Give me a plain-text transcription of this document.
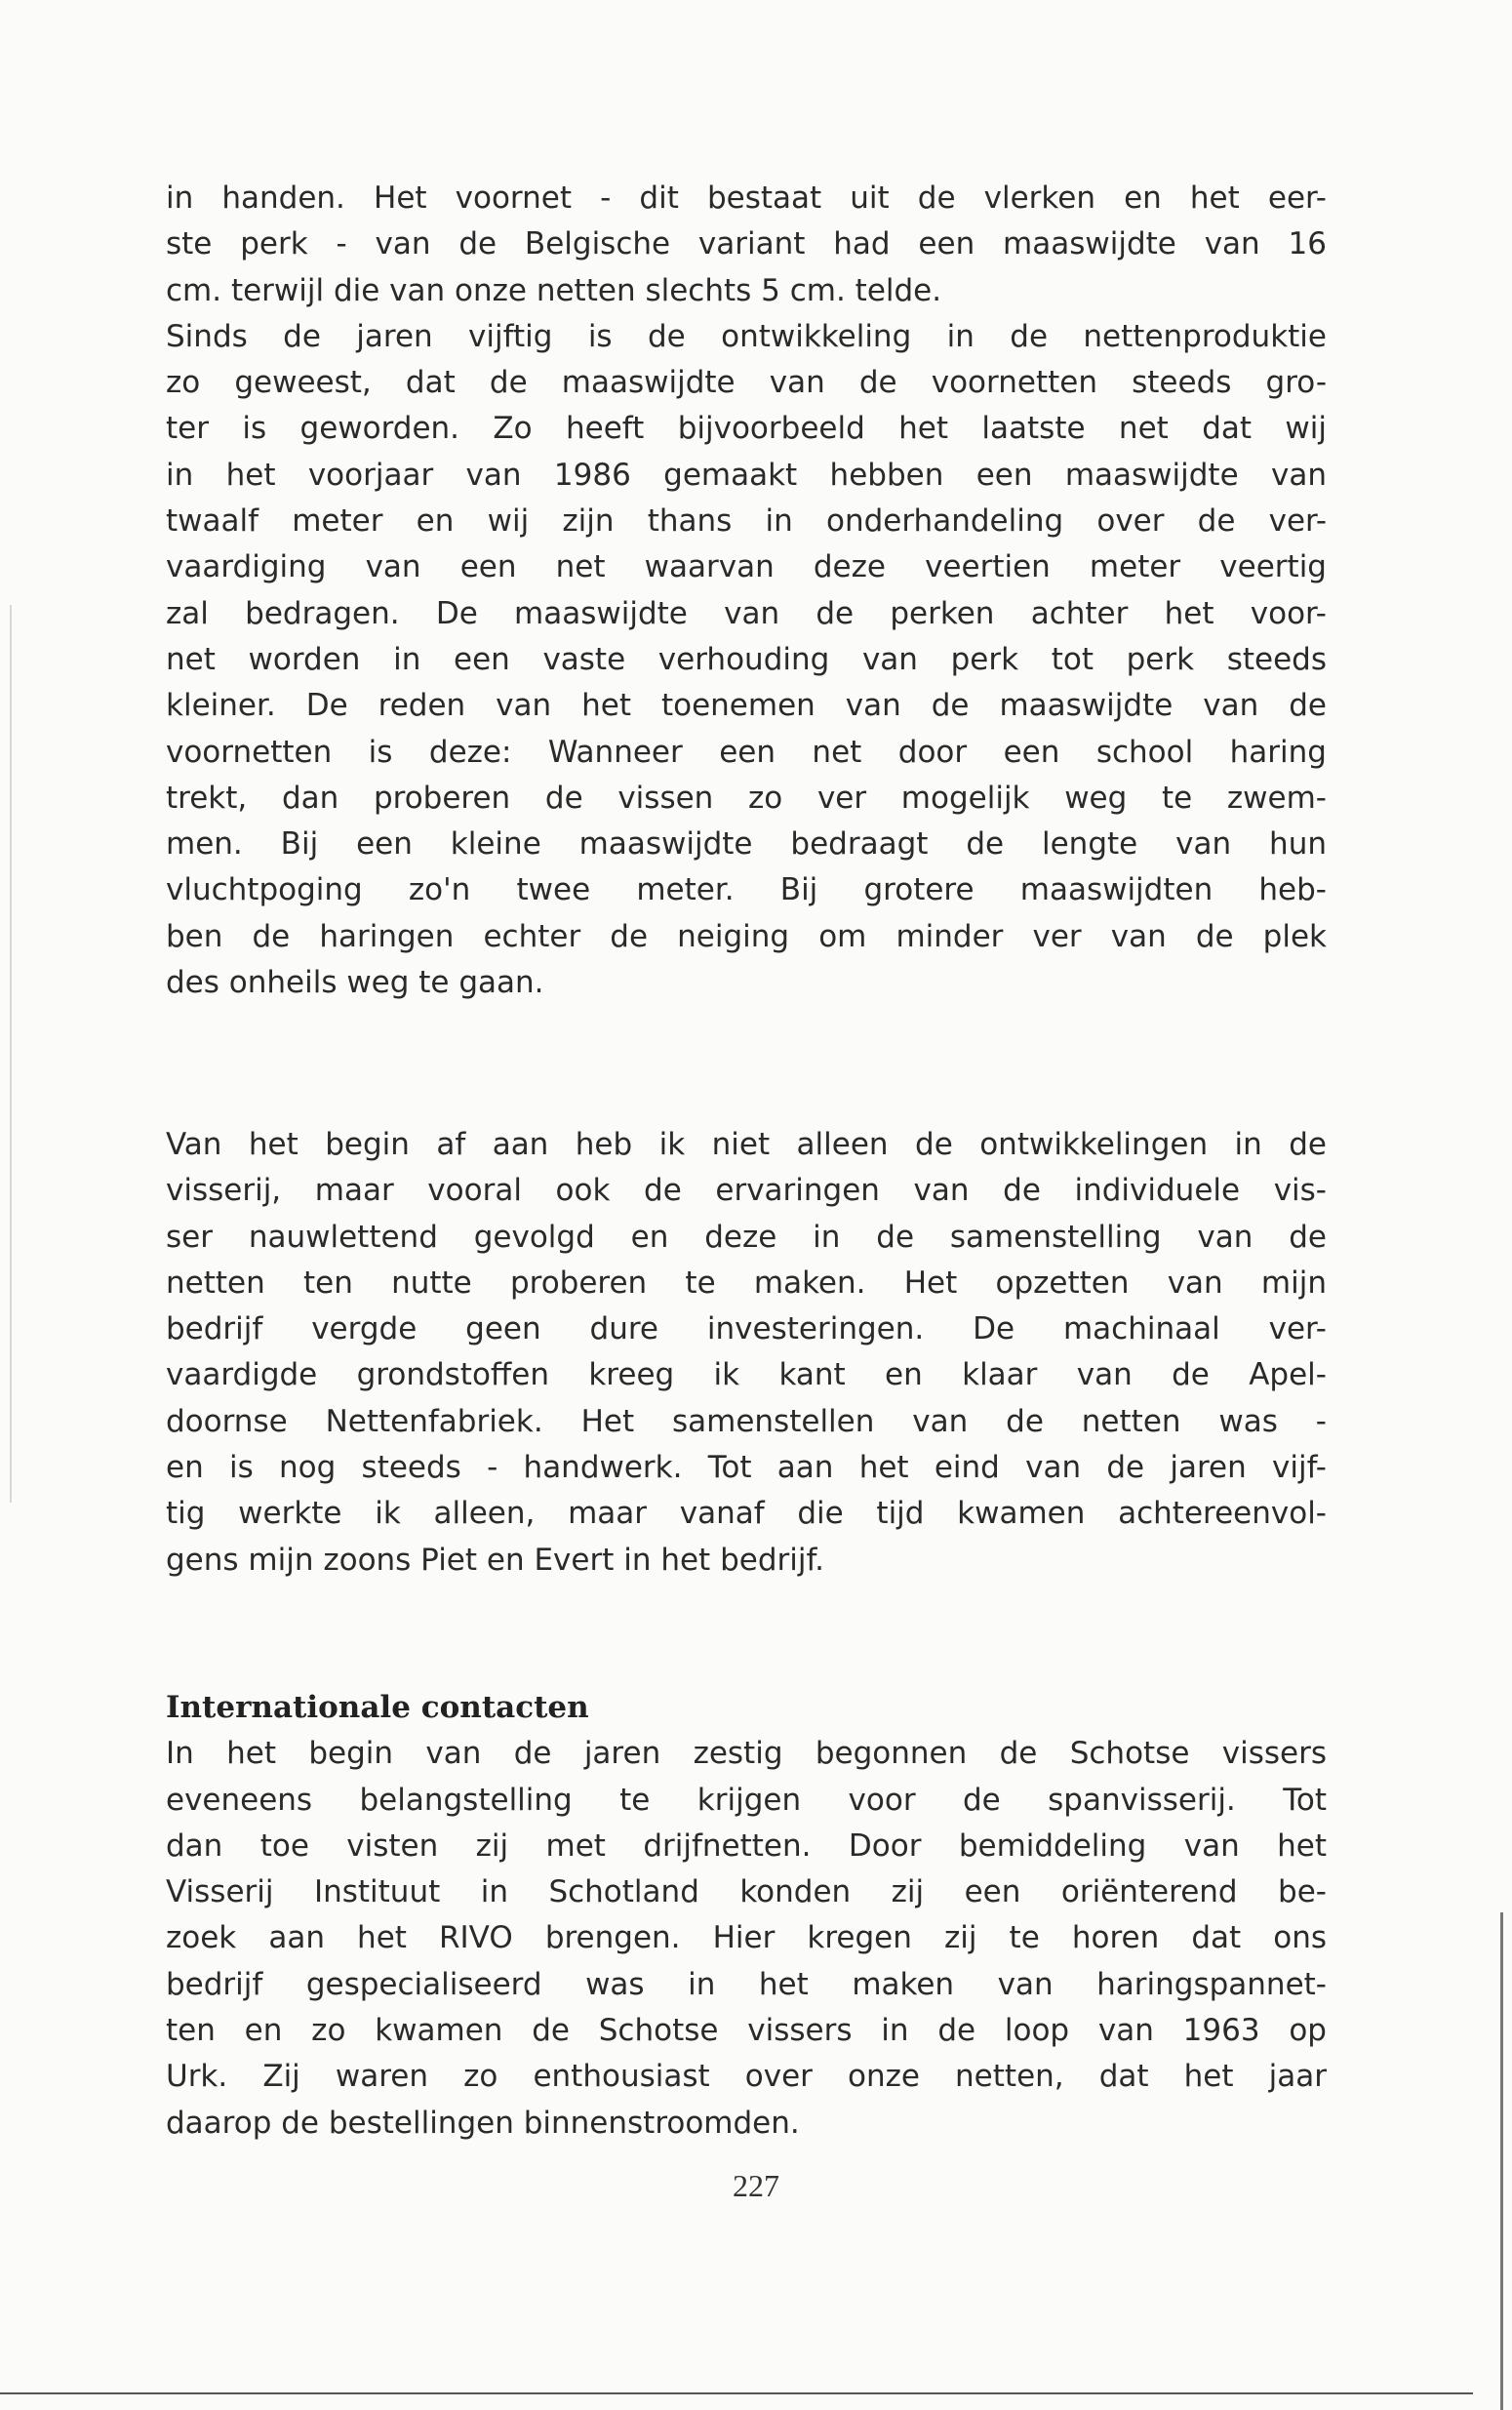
in handen. Het voornet - dit bestaat uit de vlerken en het eer-
ste perk - van de Belgische variant had een maaswijdte van 16
cm. terwijl die van onze netten slechts 5 cm. telde.
Sinds de jaren vijftig is de ontwikkeling in de nettenproduktie
zo geweest, dat de maaswijdte van de voornetten steeds gro-
ter is geworden. Zo heeft bijvoorbeeld het laatste net dat wij
in het voorjaar van 1986 gemaakt hebben een maaswijdte van
twaalf meter en wij zijn thans in onderhandeling over de ver-
vaardiging van een net waarvan deze veertien meter veertig
zal bedragen. De maaswijdte van de perken achter het voor-
net worden in een vaste verhouding van perk tot perk steeds
kleiner. De reden van het toenemen van de maaswijdte van de
voornetten is deze: Wanneer een net door een school haring
trekt, dan proberen de vissen zo ver mogelijk weg te zwem-
men. Bij een kleine maaswijdte bedraagt de lengte van hun
vluchtpoging zo'n twee meter. Bij grotere maaswijdten heb-
ben de haringen echter de neiging om minder ver van de plek
des onheils weg te gaan.
Van het begin af aan heb ik niet alleen de ontwikkelingen in de
visserij, maar vooral ook de ervaringen van de individuele vis-
ser nauwlettend gevolgd en deze in de samenstelling van de
netten ten nutte proberen te maken. Het opzetten van mijn
bedrijf vergde geen dure investeringen. De machinaal ver-
vaardigde grondstoffen kreeg ik kant en klaar van de Apel-
doornse Nettenfabriek. Het samenstellen van de netten was -
en is nog steeds - handwerk. Tot aan het eind van de jaren vijf-
tig werkte ik alleen, maar vanaf die tijd kwamen achtereenvol-
gens mijn zoons Piet en Evert in het bedrijf.
Internationale contacten
In het begin van de jaren zestig begonnen de Schotse vissers
eveneens belangstelling te krijgen voor de spanvisserij. Tot
dan toe visten zij met drijfnetten. Door bemiddeling van het
Visserij Instituut in Schotland konden zij een oriënterend be-
zoek aan het RIVO brengen. Hier kregen zij te horen dat ons
bedrijf gespecialiseerd was in het maken van haringspannet-
ten en zo kwamen de Schotse vissers in de loop van 1963 op
Urk. Zij waren zo enthousiast over onze netten, dat het jaar
daarop de bestellingen binnenstroomden.
227
